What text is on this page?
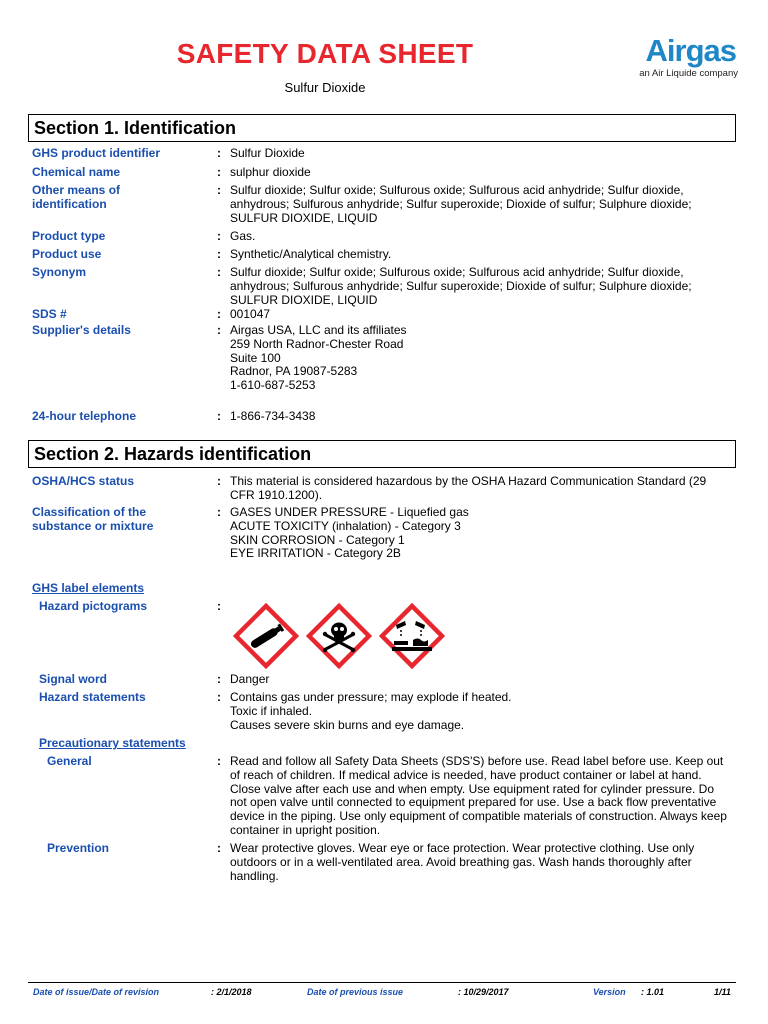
SAFETY DATA SHEET
Sulfur Dioxide
Airgas
an Air Liquide company
Section 1. Identification
GHS product identifier	: Sulfur Dioxide
Chemical name	: sulphur dioxide
Other means of identification
: Sulfur dioxide; Sulfur oxide; Sulfurous oxide; Sulfurous acid anhydride; Sulfur dioxide, anhydrous; Sulfurous anhydride; Sulfur superoxide; Dioxide of sulfur; Sulphure dioxide; SULFUR DIOXIDE, LIQUID
Product type	: Gas.
Product use	: Synthetic/Analytical chemistry.
Synonym	: Sulfur dioxide; Sulfur oxide; Sulfurous oxide; Sulfurous acid anhydride; Sulfur dioxide, anhydrous; Sulfurous anhydride; Sulfur superoxide; Dioxide of sulfur; Sulphure dioxide; SULFUR DIOXIDE, LIQUID
SDS #	: 001047
Supplier's details	: Airgas USA, LLC and its affiliates
259 North Radnor-Chester Road
Suite 100
Radnor, PA 19087-5283
1-610-687-5253
24-hour telephone	: 1-866-734-3438
Section 2. Hazards identification
OSHA/HCS status	: This material is considered hazardous by the OSHA Hazard Communication Standard (29 CFR 1910.1200).
Classification of the substance or mixture
: GASES UNDER PRESSURE - Liquefied gas
ACUTE TOXICITY (inhalation) - Category 3
SKIN CORROSION - Category 1
EYE IRRITATION - Category 2B
GHS label elements
Hazard pictograms	:
Signal word	: Danger
Hazard statements	: Contains gas under pressure; may explode if heated.
Toxic if inhaled.
Causes severe skin burns and eye damage.
Precautionary statements
General	: Read and follow all Safety Data Sheets (SDS'S) before use. Read label before use. Keep out of reach of children. If medical advice is needed, have product container or label at hand. Close valve after each use and when empty. Use equipment rated for cylinder pressure. Do not open valve until connected to equipment prepared for use. Use a back flow preventative device in the piping. Use only equipment of compatible materials of construction. Always keep container in upright position.
Prevention	: Wear protective gloves. Wear eye or face protection. Wear protective clothing. Use only outdoors or in a well-ventilated area. Avoid breathing gas. Wash hands thoroughly after handling.
Date of issue/Date of revision	: 2/1/2018	Date of previous issue	: 10/29/2017	Version : 1.01	1/11
